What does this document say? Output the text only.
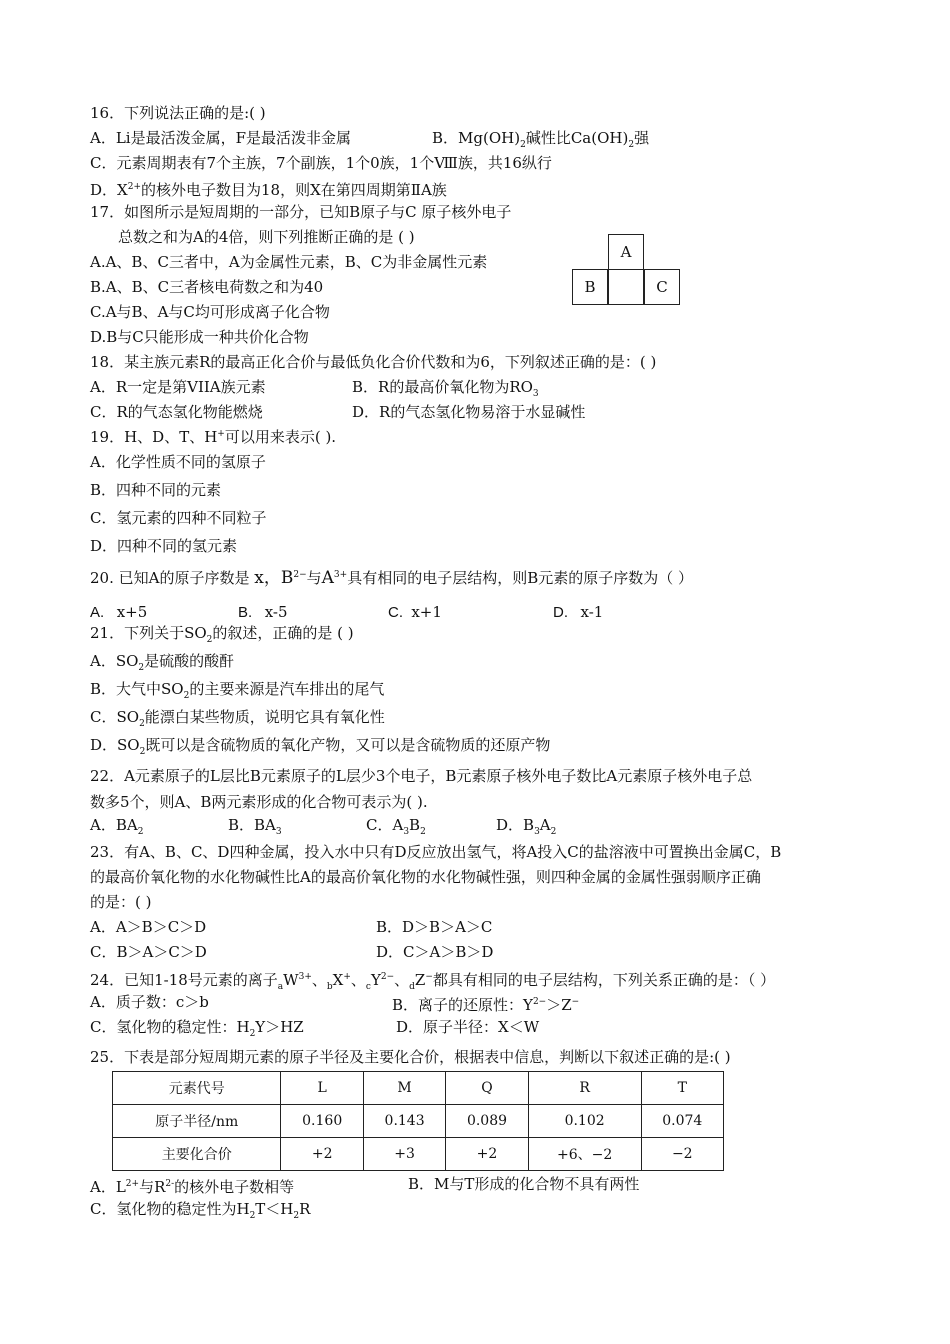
16．下列说法正确的是:( )
A．Li是最活泼金属，F是最活泼非金属	B．$Mg(OH)_2$碱性比$Ca(OH)_2$强
C．元素周期表有7个主族，7个副族，1个0族，1个Ⅷ族，共16纵行
D．$X^{2+}$的核外电子数目为18，则X在第四周期第ⅡA族
17．如图所示是短周期的一部分，已知B原子与C 原子核外电子
总数之和为A的4倍，则下列推断正确的是 ( )
A.A、B、C三者中，A为金属性元素，B、C为非金属性元素
B.A、B、C三者核电荷数之和为40
C.A与B、A与C均可形成离子化合物
D.B与C只能形成一种共价化合物
A
B	C
18．某主族元素R的最高正化合价与最低负化合价代数和为6，下列叙述正确的是：( )
A．R一定是第VIIA族元素	B．R的最高价氧化物为$RO_3$
C．R的气态氢化物能燃烧	D．R的气态氢化物易溶于水显碱性
19．H、D、T、H+可以用来表示( ).
A．化学性质不同的氢原子
B．四种不同的元素
C．氢元素的四种不同粒子
D．四种不同的氢元素
20. 已知A的原子序数是 x，$B^{2-}$与$A^{3+}$具有相同的电子层结构，则B元素的原子序数为（ ）
A. x+5	B. x-5	C. x+1	D. x-1
21．下列关于$SO_2$的叙述，正确的是 ( )
A．$SO_2$是硫酸的酸酐
B．大气中$SO_2$的主要来源是汽车排出的尾气
C．$SO_2$能漂白某些物质，说明它具有氧化性
D．$SO_2$既可以是含硫物质的氧化产物，又可以是含硫物质的还原产物
22．A元素原子的L层比B元素原子的L层少3个电子，B元素原子核外电子数比A元素原子核外电子总
数多5个，则A、B两元素形成的化合物可表示为( ).
A．$BA_2$	B．$BA_3$	C．$A_3B_2$	D．$B_3A_2$
23．有A、B、C、D四种金属，投入水中只有D反应放出氢气，将A投入C的盐溶液中可置换出金属C，B
的最高价氧化物的水化物碱性比A的最高价氧化物的水化物碱性强，则四种金属的金属性强弱顺序正确
的是：( )
A．A＞B＞C＞D	B．D＞B＞A＞C
C．B＞A＞C＞D	D．C＞A＞B＞D
24．已知1-18号元素的离子$_aW^{3+}$、$_b$X+、$_cY^{2-}$、$_d$Z−都具有相同的电子层结构，下列关系正确的是：（ ）
A．质子数：c＞b	B．离子的还原性：$Y^{2-}>Z^-$
C．氢化物的稳定性：$H_2Y>HZ$	D．原子半径：X＜W
25．下表是部分短周期元素的原子半径及主要化合价，根据表中信息，判断以下叙述正确的是:( )
元素代号	L	M	Q	R	T
原子半径/nm	0.160	0.143	0.089	0.102	0.074
主要化合价	+2	+3	+2	+6、−2	−2
A．$L^{2+}$与$R^{2-}$的核外电子数相等	B．M与T形成的化合物不具有两性
C．氢化物的稳定性为$H_2T<H_2R$
